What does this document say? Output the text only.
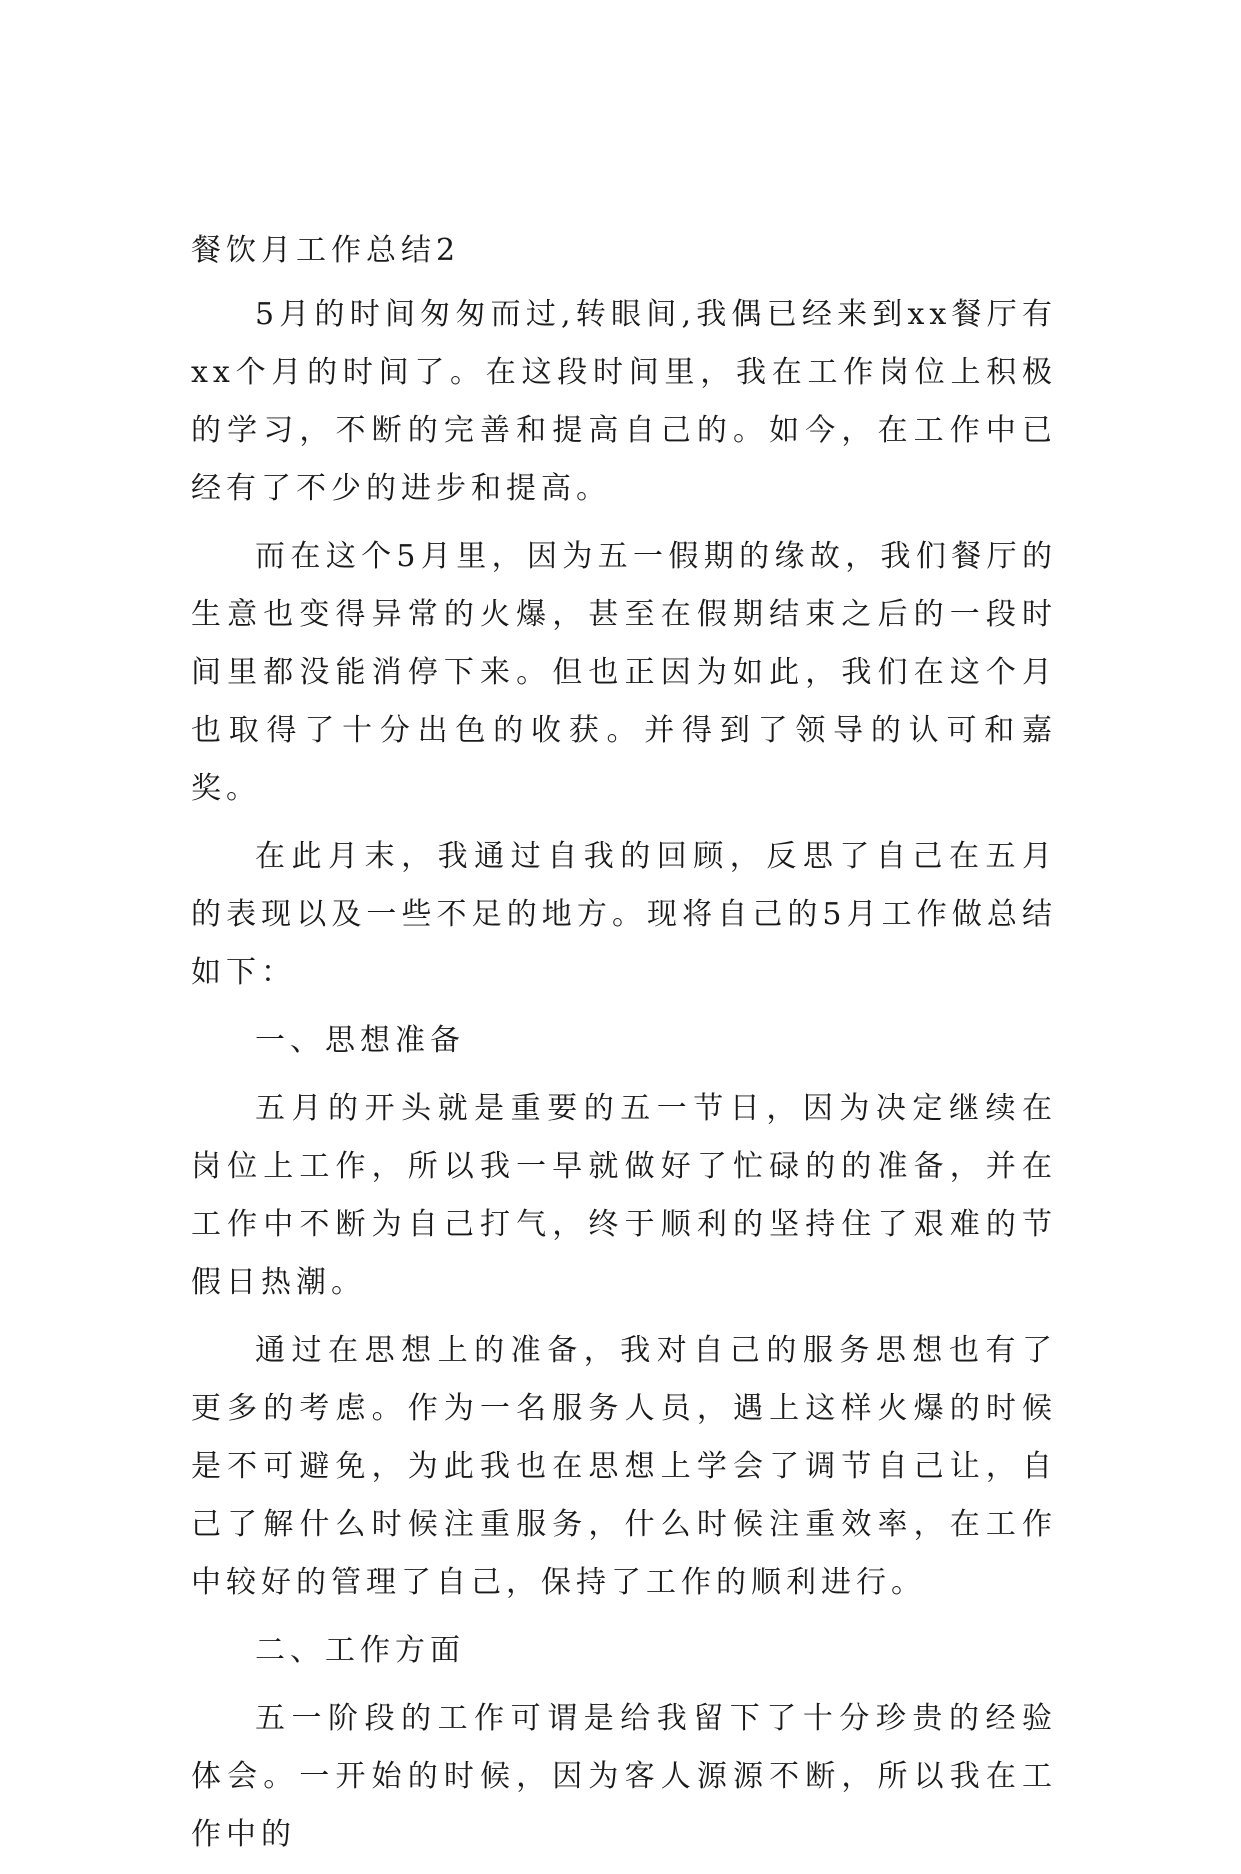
餐饮月工作总结2

5月的时间匆匆而过,转眼间,我偶已经来到xx餐厅有xx个月的时间了。在这段时间里，我在工作岗位上积极的学习，不断的完善和提高自己的。如今，在工作中已经有了不少的进步和提高。

而在这个5月里，因为五一假期的缘故，我们餐厅的生意也变得异常的火爆，甚至在假期结束之后的一段时间里都没能消停下来。但也正因为如此，我们在这个月也取得了十分出色的收获。并得到了领导的认可和嘉奖。

在此月末，我通过自我的回顾，反思了自己在五月的表现以及一些不足的地方。现将自己的5月工作做总结如下：

一、思想准备

五月的开头就是重要的五一节日，因为决定继续在岗位上工作，所以我一早就做好了忙碌的的准备，并在工作中不断为自己打气，终于顺利的坚持住了艰难的节假日热潮。

通过在思想上的准备，我对自己的服务思想也有了更多的考虑。作为一名服务人员，遇上这样火爆的时候是不可避免，为此我也在思想上学会了调节自己让，自己了解什么时候注重服务，什么时候注重效率，在工作中较好的管理了自己，保持了工作的顺利进行。

二、工作方面

五一阶段的工作可谓是给我留下了十分珍贵的经验体会。一开始的时候，因为客人源源不断，所以我在工作中的
